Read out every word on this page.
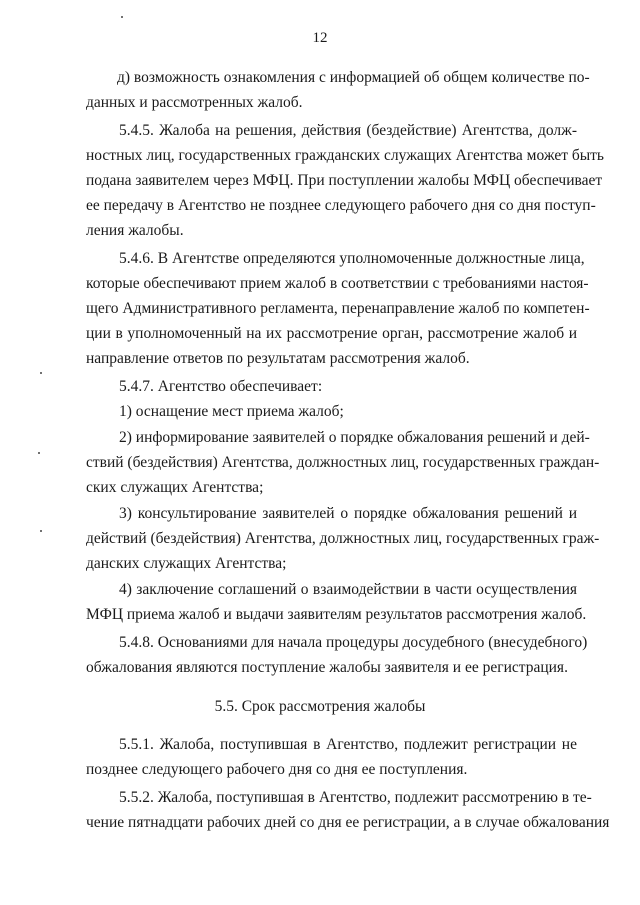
12
д) возможность ознакомления с информацией об общем количестве по-
данных и рассмотренных жалоб.
5.4.5. Жалоба на решения, действия (бездействие) Агентства, долж-
ностных лиц, государственных гражданских служащих Агентства может быть
подана заявителем через МФЦ. При поступлении жалобы МФЦ обеспечивает
ее передачу в Агентство не позднее следующего рабочего дня со дня поступ-
ления жалобы.
5.4.6. В Агентстве определяются уполномоченные должностные лица,
которые обеспечивают прием жалоб в соответствии с требованиями настоя-
щего Административного регламента, перенаправление жалоб по компетен-
ции в уполномоченный на их рассмотрение орган, рассмотрение жалоб и
направление ответов по результатам рассмотрения жалоб.
5.4.7. Агентство обеспечивает:
1) оснащение мест приема жалоб;
2) информирование заявителей о порядке обжалования решений и дей-
ствий (бездействия) Агентства, должностных лиц, государственных граждан-
ских служащих Агентства;
3) консультирование заявителей о порядке обжалования решений и
действий (бездействия) Агентства, должностных лиц, государственных граж-
данских служащих Агентства;
4) заключение соглашений о взаимодействии в части осуществления
МФЦ приема жалоб и выдачи заявителям результатов рассмотрения жалоб.
5.4.8. Основаниями для начала процедуры досудебного (внесудебного)
обжалования являются поступление жалобы заявителя и ее регистрация.
5.5. Срок рассмотрения жалобы
5.5.1. Жалоба, поступившая в Агентство, подлежит регистрации не
позднее следующего рабочего дня со дня ее поступления.
5.5.2. Жалоба, поступившая в Агентство, подлежит рассмотрению в те-
чение пятнадцати рабочих дней со дня ее регистрации, а в случае обжалования
